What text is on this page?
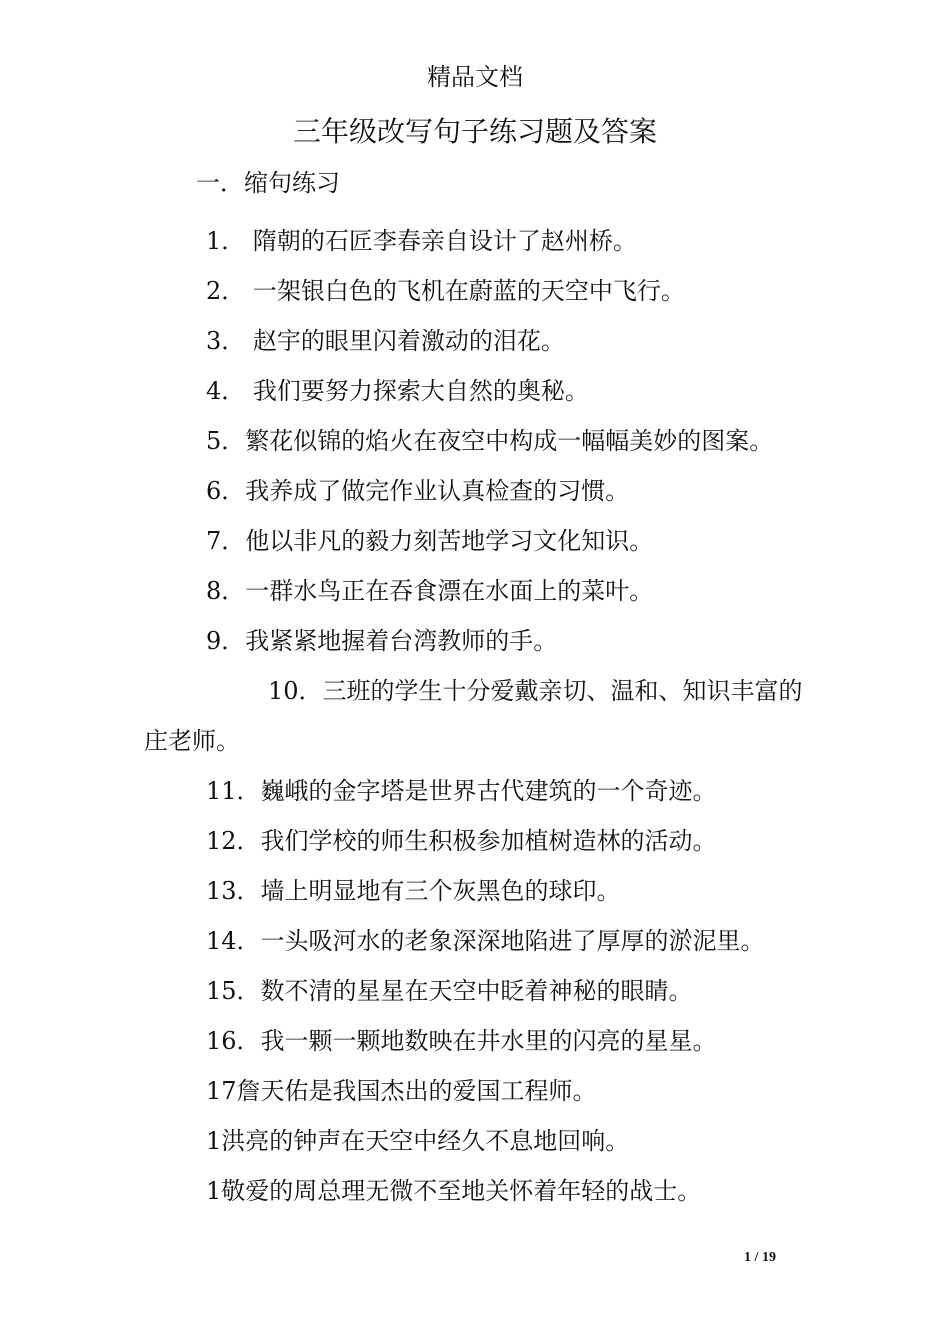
精品文档
三年级改写句子练习题及答案
一．缩句练习
1． 隋朝的石匠李春亲自设计了赵州桥。
2． 一架银白色的飞机在蔚蓝的天空中飞行。
3． 赵宇的眼里闪着激动的泪花。
4． 我们要努力探索大自然的奥秘。
5．繁花似锦的焰火在夜空中构成一幅幅美妙的图案。
6．我养成了做完作业认真检查的习惯。
7．他以非凡的毅力刻苦地学习文化知识。
8．一群水鸟正在吞食漂在水面上的菜叶。
9．我紧紧地握着台湾教师的手。
10．三班的学生十分爱戴亲切、温和、知识丰富的庄老师。
11．巍峨的金字塔是世界古代建筑的一个奇迹。
12．我们学校的师生积极参加植树造林的活动。
13．墙上明显地有三个灰黑色的球印。
14．一头吸河水的老象深深地陷进了厚厚的淤泥里。
15．数不清的星星在天空中眨着神秘的眼睛。
16．我一颗一颗地数映在井水里的闪亮的星星。
17詹天佑是我国杰出的爱国工程师。
1洪亮的钟声在天空中经久不息地回响。
1敬爱的周总理无微不至地关怀着年轻的战士。
1 / 19
